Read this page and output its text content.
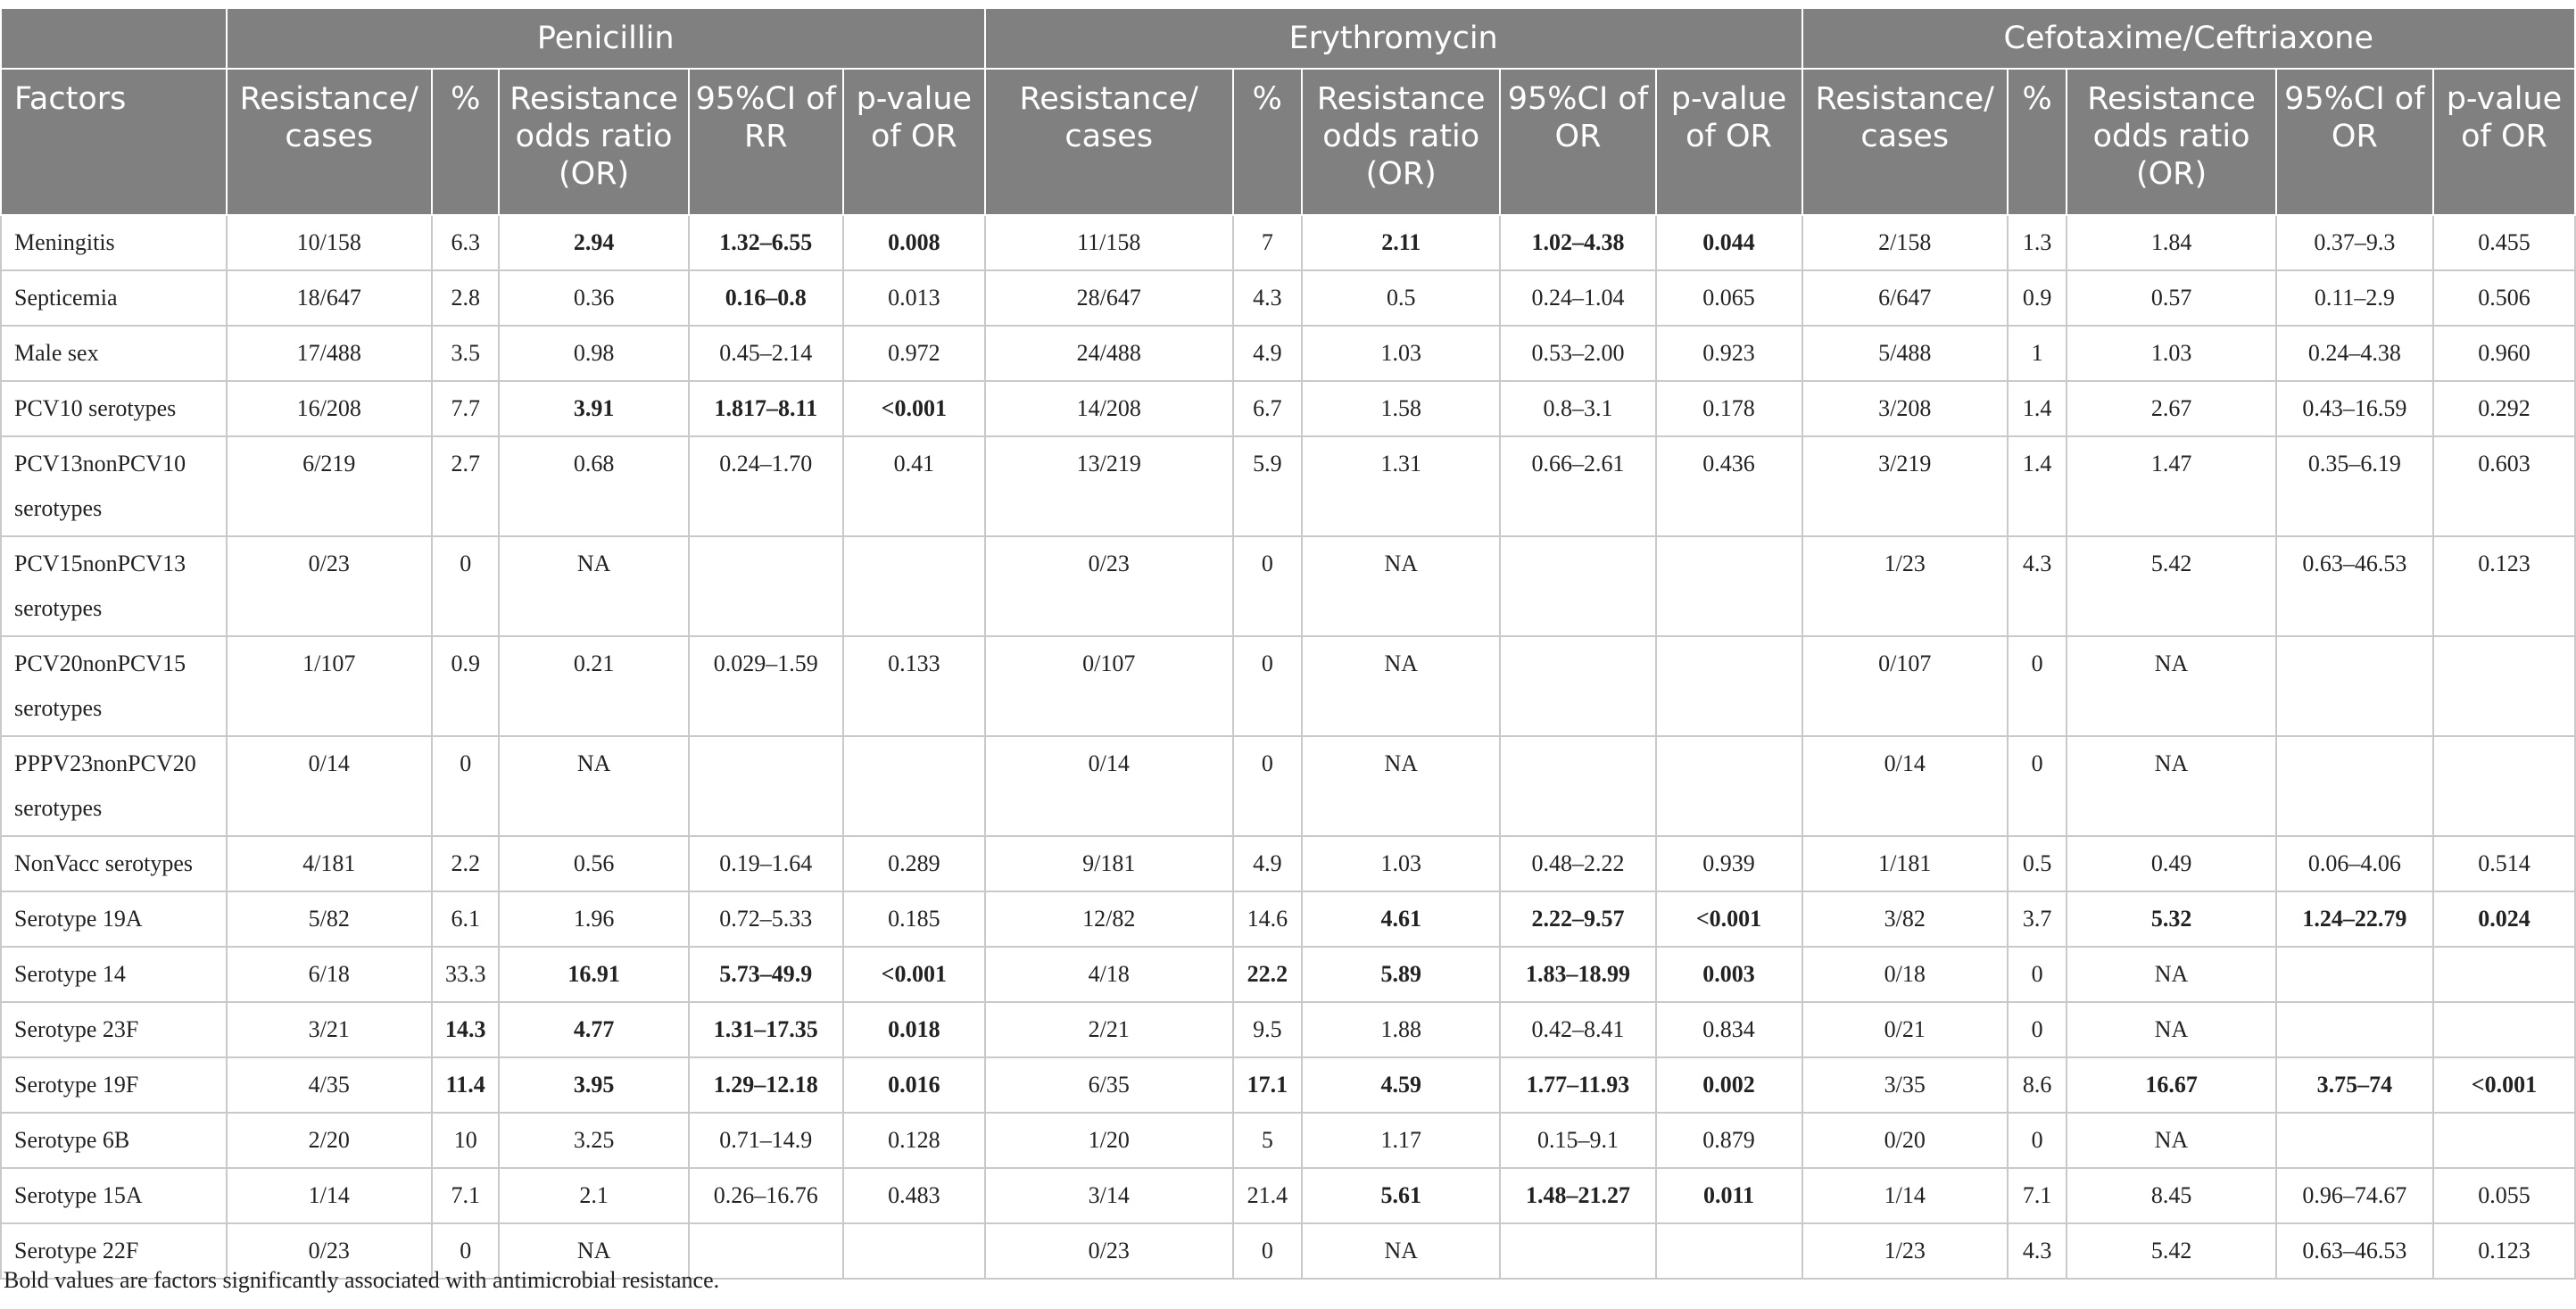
	Penicillin					Erythromycin					Cefotaxime/Ceftriaxone				
Factors	Resistance/ cases	%	Resistance odds ratio (OR)	95%CI of RR	p-value of OR	Resistance/ cases	%	Resistance odds ratio (OR)	95%CI of OR	p-value of OR	Resistance/ cases	%	Resistance odds ratio (OR)	95%CI of OR	p-value of OR
Meningitis	10/158	6.3	2.94	1.32–6.55	0.008	11/158	7	2.11	1.02–4.38	0.044	2/158	1.3	1.84	0.37–9.3	0.455
Septicemia	18/647	2.8	0.36	0.16–0.8	0.013	28/647	4.3	0.5	0.24–1.04	0.065	6/647	0.9	0.57	0.11–2.9	0.506
Male sex	17/488	3.5	0.98	0.45–2.14	0.972	24/488	4.9	1.03	0.53–2.00	0.923	5/488	1	1.03	0.24–4.38	0.960
PCV10 serotypes	16/208	7.7	3.91	1.817–8.11	<0.001	14/208	6.7	1.58	0.8–3.1	0.178	3/208	1.4	2.67	0.43–16.59	0.292
PCV13nonPCV10 serotypes	6/219	2.7	0.68	0.24–1.70	0.41	13/219	5.9	1.31	0.66–2.61	0.436	3/219	1.4	1.47	0.35–6.19	0.603
PCV15nonPCV13 serotypes	0/23	0	NA			0/23	0	NA			1/23	4.3	5.42	0.63–46.53	0.123
PCV20nonPCV15 serotypes	1/107	0.9	0.21	0.029–1.59	0.133	0/107	0	NA			0/107	0	NA		
PPPV23nonPCV20 serotypes	0/14	0	NA			0/14	0	NA			0/14	0	NA		
NonVacc serotypes	4/181	2.2	0.56	0.19–1.64	0.289	9/181	4.9	1.03	0.48–2.22	0.939	1/181	0.5	0.49	0.06–4.06	0.514
Serotype 19A	5/82	6.1	1.96	0.72–5.33	0.185	12/82	14.6	4.61	2.22–9.57	<0.001	3/82	3.7	5.32	1.24–22.79	0.024
Serotype 14	6/18	33.3	16.91	5.73–49.9	<0.001	4/18	22.2	5.89	1.83–18.99	0.003	0/18	0	NA		
Serotype 23F	3/21	14.3	4.77	1.31–17.35	0.018	2/21	9.5	1.88	0.42–8.41	0.834	0/21	0	NA		
Serotype 19F	4/35	11.4	3.95	1.29–12.18	0.016	6/35	17.1	4.59	1.77–11.93	0.002	3/35	8.6	16.67	3.75–74	<0.001
Serotype 6B	2/20	10	3.25	0.71–14.9	0.128	1/20	5	1.17	0.15–9.1	0.879	0/20	0	NA		
Serotype 15A	1/14	7.1	2.1	0.26–16.76	0.483	3/14	21.4	5.61	1.48–21.27	0.011	1/14	7.1	8.45	0.96–74.67	0.055
Serotype 22F	0/23	0	NA			0/23	0	NA			1/23	4.3	5.42	0.63–46.53	0.123
Bold values are factors significantly associated with antimicrobial resistance.
